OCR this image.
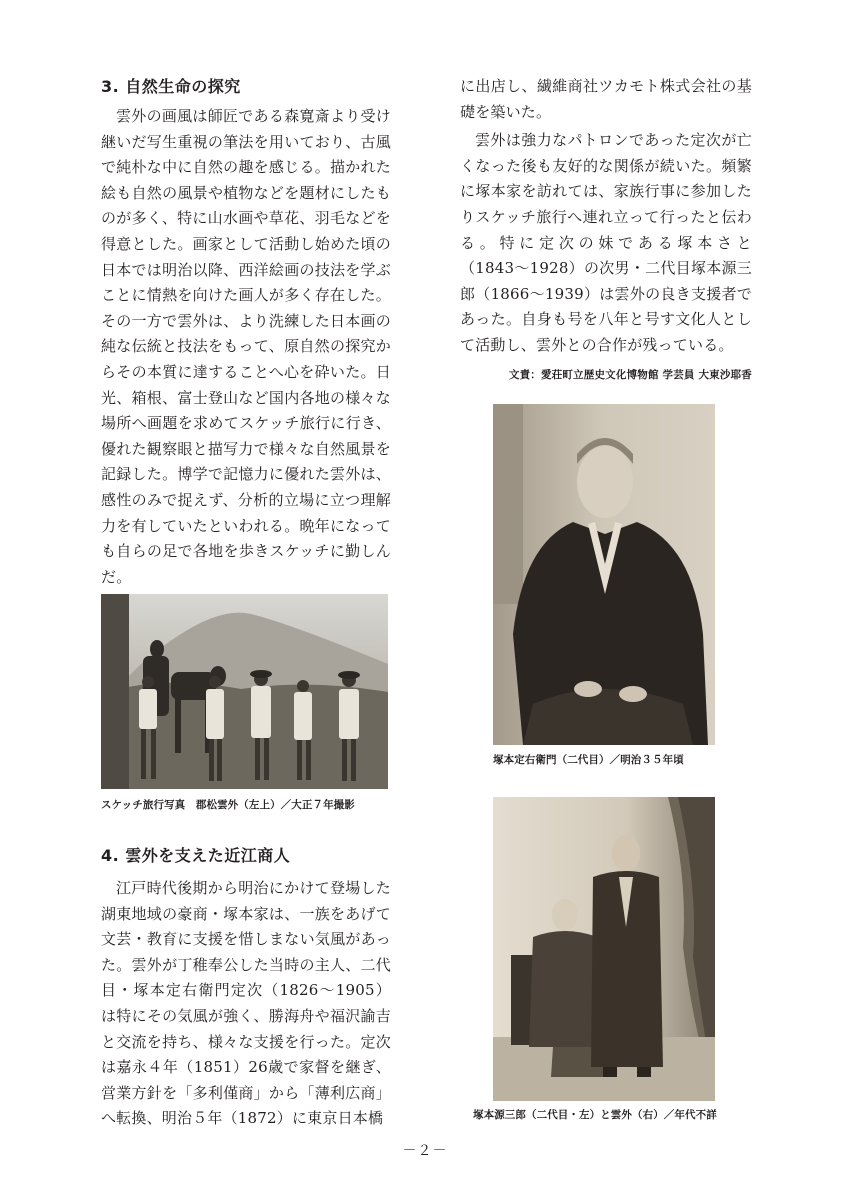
3. 自然生命の探究

雲外の画風は師匠である森寛斎より受け継いだ写生重視の筆法を用いており、古風で純朴な中に自然の趣を感じる。描かれた絵も自然の風景や植物などを題材にしたものが多く、特に山水画や草花、羽毛などを得意とした。画家として活動し始めた頃の日本では明治以降、西洋絵画の技法を学ぶことに情熱を向けた画人が多く存在した。その一方で雲外は、より洗練した日本画の純な伝統と技法をもって、原自然の探究からその本質に達することへ心を砕いた。日光、箱根、富士登山など国内各地の様々な場所へ画題を求めてスケッチ旅行に行き、優れた観察眼と描写力で様々な自然風景を記録した。博学で記憶力に優れた雲外は、感性のみで捉えず、分析的立場に立つ理解力を有していたといわれる。晩年になっても自らの足で各地を歩きスケッチに勤しんだ。

スケッチ旅行写真　郡松雲外（左上）／大正７年撮影
4. 雲外を支えた近江商人

江戸時代後期から明治にかけて登場した湖東地域の豪商・塚本家は、一族をあげて文芸・教育に支援を惜しまない気風があった。雲外が丁稚奉公した当時の主人、二代目・塚本定右衛門定次（1826〜1905）は特にその気風が強く、勝海舟や福沢諭吉と交流を持ち、様々な支援を行った。定次は嘉永４年（1851）26歳で家督を継ぎ、営業方針を「多利僅商」から「薄利広商」へ転換、明治５年（1872）に東京日本橋

に出店し、繊維商社ツカモト株式会社の基礎を築いた。

雲外は強力なパトロンであった定次が亡くなった後も友好的な関係が続いた。頻繁に塚本家を訪れては、家族行事に参加したりスケッチ旅行へ連れ立って行ったと伝わる。特に定次の妹である塚本さと（1843〜1928）の次男・二代目塚本源三郎（1866〜1939）は雲外の良き支援者であった。自身も号を八年と号す文化人として活動し、雲外との合作が残っている。

文責：愛荘町立歴史文化博物館 学芸員 大東沙耶香
塚本定右衛門（二代目）／明治３５年頃
塚本源三郎（二代目・左）と雲外（右）／年代不詳
－２－
